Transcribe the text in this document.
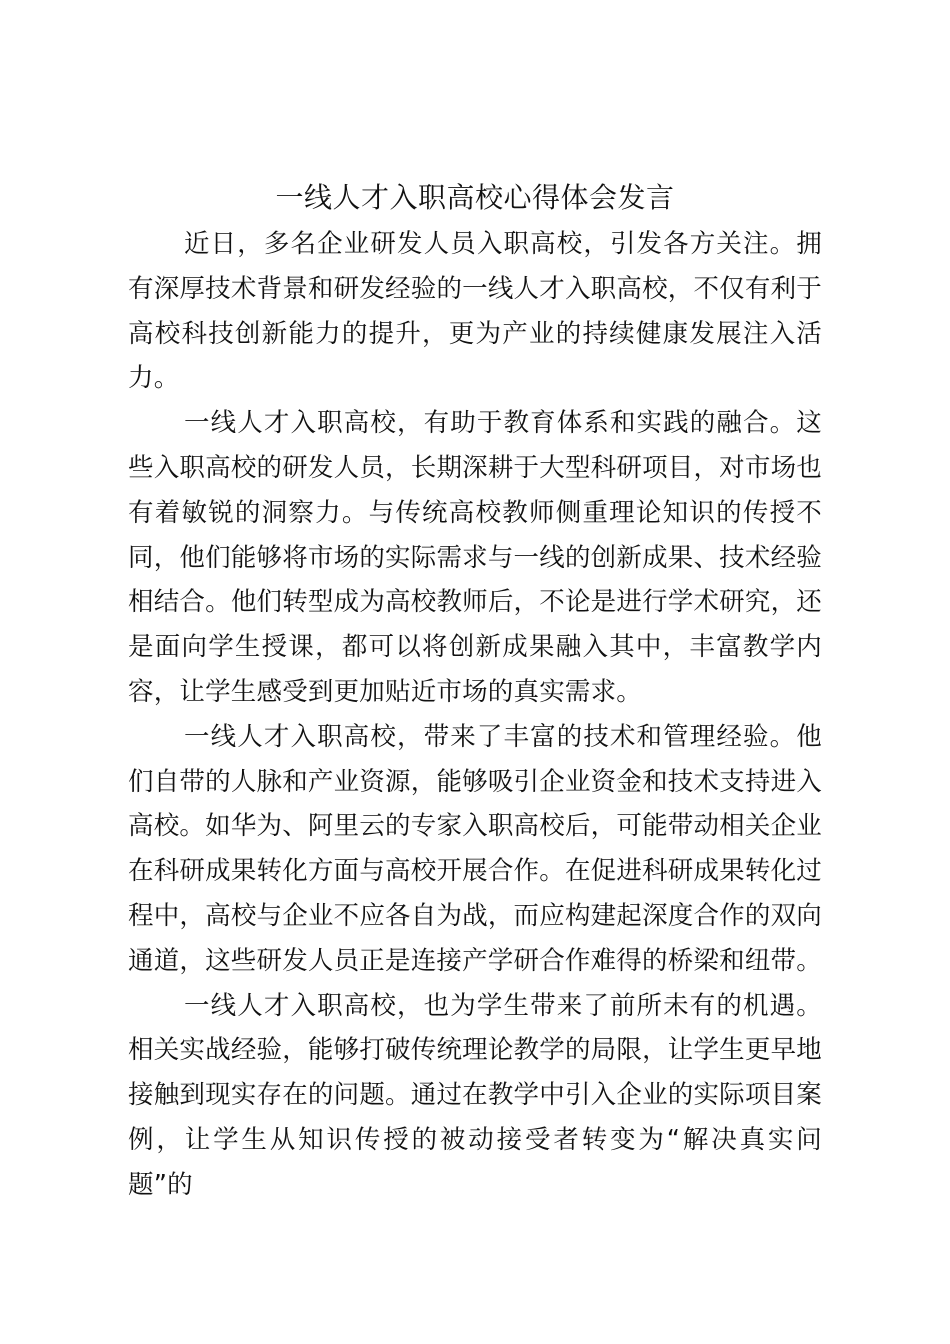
一线人才入职高校心得体会发言

近日，多名企业研发人员入职高校，引发各方关注。拥有深厚技术背景和研发经验的一线人才入职高校，不仅有利于高校科技创新能力的提升，更为产业的持续健康发展注入活力。

一线人才入职高校，有助于教育体系和实践的融合。这些入职高校的研发人员，长期深耕于大型科研项目，对市场也有着敏锐的洞察力。与传统高校教师侧重理论知识的传授不同，他们能够将市场的实际需求与一线的创新成果、技术经验相结合。他们转型成为高校教师后，不论是进行学术研究，还是面向学生授课，都可以将创新成果融入其中，丰富教学内容，让学生感受到更加贴近市场的真实需求。

一线人才入职高校，带来了丰富的技术和管理经验。他们自带的人脉和产业资源，能够吸引企业资金和技术支持进入高校。如华为、阿里云的专家入职高校后，可能带动相关企业在科研成果转化方面与高校开展合作。在促进科研成果转化过程中，高校与企业不应各自为战，而应构建起深度合作的双向通道，这些研发人员正是连接产学研合作难得的桥梁和纽带。

一线人才入职高校，也为学生带来了前所未有的机遇。相关实战经验，能够打破传统理论教学的局限，让学生更早地接触到现实存在的问题。通过在教学中引入企业的实际项目案例，让学生从知识传授的被动接受者转变为“解决真实问题”的
